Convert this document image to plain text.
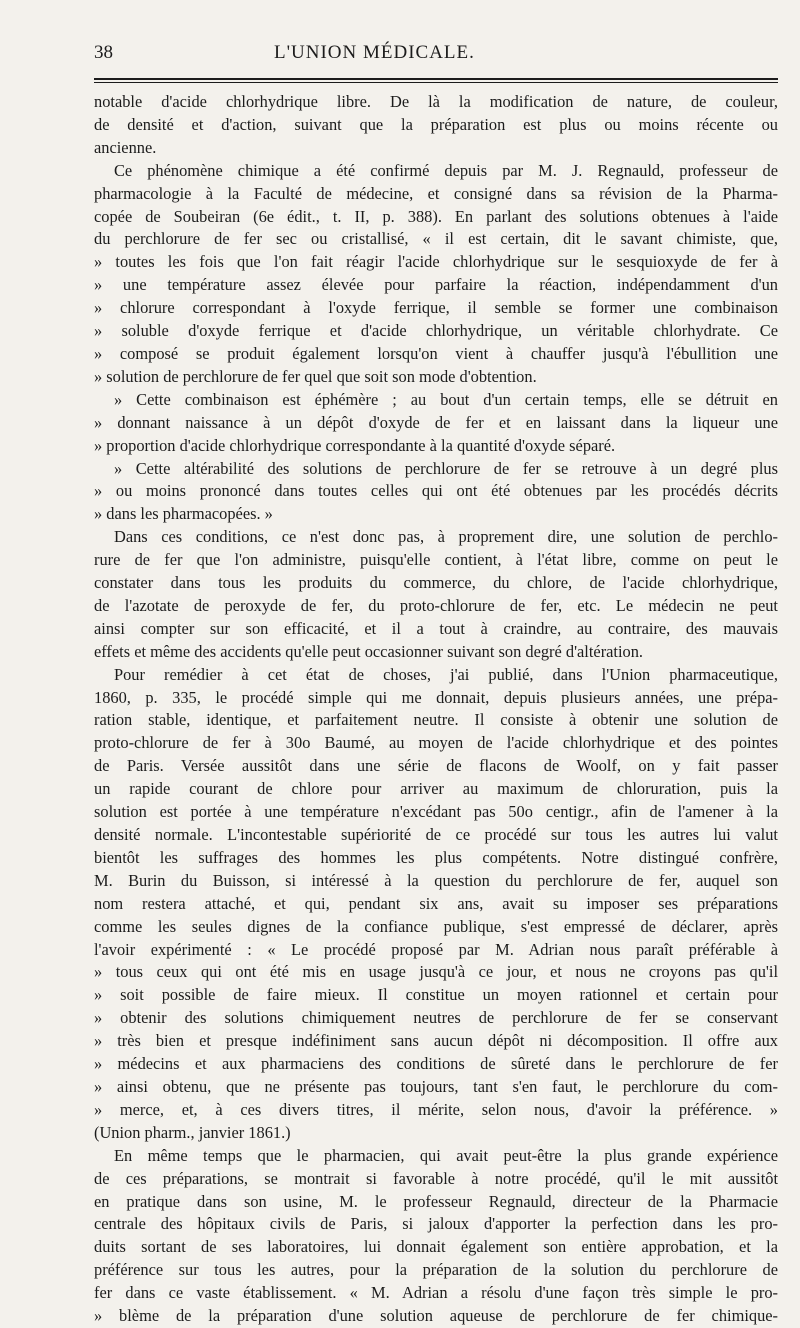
38	L'UNION MÉDICALE.
notable d'acide chlorhydrique libre. De là la modification de nature, de couleur,
de densité et d'action, suivant que la préparation est plus ou moins récente ou
ancienne.
Ce phénomène chimique a été confirmé depuis par M. J. Regnauld, professeur de
pharmacologie à la Faculté de médecine, et consigné dans sa révision de la Pharma-
copée de Soubeiran (6e édit., t. II, p. 388). En parlant des solutions obtenues à l'aide
du perchlorure de fer sec ou cristallisé, « il est certain, dit le savant chimiste, que,
» toutes les fois que l'on fait réagir l'acide chlorhydrique sur le sesquioxyde de fer à
» une température assez élevée pour parfaire la réaction, indépendamment d'un
» chlorure correspondant à l'oxyde ferrique, il semble se former une combinaison
» soluble d'oxyde ferrique et d'acide chlorhydrique, un véritable chlorhydrate. Ce
» composé se produit également lorsqu'on vient à chauffer jusqu'à l'ébullition une
» solution de perchlorure de fer quel que soit son mode d'obtention.
» Cette combinaison est éphémère ; au bout d'un certain temps, elle se détruit en
» donnant naissance à un dépôt d'oxyde de fer et en laissant dans la liqueur une
» proportion d'acide chlorhydrique correspondante à la quantité d'oxyde séparé.
» Cette altérabilité des solutions de perchlorure de fer se retrouve à un degré plus
» ou moins prononcé dans toutes celles qui ont été obtenues par les procédés décrits
» dans les pharmacopées. »
Dans ces conditions, ce n'est donc pas, à proprement dire, une solution de perchlo-
rure de fer que l'on administre, puisqu'elle contient, à l'état libre, comme on peut le
constater dans tous les produits du commerce, du chlore, de l'acide chlorhydrique,
de l'azotate de peroxyde de fer, du proto-chlorure de fer, etc. Le médecin ne peut
ainsi compter sur son efficacité, et il a tout à craindre, au contraire, des mauvais
effets et même des accidents qu'elle peut occasionner suivant son degré d'altération.
Pour remédier à cet état de choses, j'ai publié, dans l'Union pharmaceutique,
1860, p. 335, le procédé simple qui me donnait, depuis plusieurs années, une prépa-
ration stable, identique, et parfaitement neutre. Il consiste à obtenir une solution de
proto-chlorure de fer à 30o Baumé, au moyen de l'acide chlorhydrique et des pointes
de Paris. Versée aussitôt dans une série de flacons de Woolf, on y fait passer
un rapide courant de chlore pour arriver au maximum de chloruration, puis la
solution est portée à une température n'excédant pas 50o centigr., afin de l'amener à la
densité normale. L'incontestable supériorité de ce procédé sur tous les autres lui valut
bientôt les suffrages des hommes les plus compétents. Notre distingué confrère,
M. Burin du Buisson, si intéressé à la question du perchlorure de fer, auquel son
nom restera attaché, et qui, pendant six ans, avait su imposer ses préparations
comme les seules dignes de la confiance publique, s'est empressé de déclarer, après
l'avoir expérimenté : « Le procédé proposé par M. Adrian nous paraît préférable à
» tous ceux qui ont été mis en usage jusqu'à ce jour, et nous ne croyons pas qu'il
» soit possible de faire mieux. Il constitue un moyen rationnel et certain pour
» obtenir des solutions chimiquement neutres de perchlorure de fer se conservant
» très bien et presque indéfiniment sans aucun dépôt ni décomposition. Il offre aux
» médecins et aux pharmaciens des conditions de sûreté dans le perchlorure de fer
» ainsi obtenu, que ne présente pas toujours, tant s'en faut, le perchlorure du com-
» merce, et, à ces divers titres, il mérite, selon nous, d'avoir la préférence. »
(Union pharm., janvier 1861.)
En même temps que le pharmacien, qui avait peut-être la plus grande expérience
de ces préparations, se montrait si favorable à notre procédé, qu'il le mit aussitôt
en pratique dans son usine, M. le professeur Regnauld, directeur de la Pharmacie
centrale des hôpitaux civils de Paris, si jaloux d'apporter la perfection dans les pro-
duits sortant de ses laboratoires, lui donnait également son entière approbation, et la
préférence sur tous les autres, pour la préparation de la solution du perchlorure de
fer dans ce vaste établissement. « M. Adrian a résolu d'une façon très simple le pro-
» blème de la préparation d'une solution aqueuse de perchlorure de fer chimique-
